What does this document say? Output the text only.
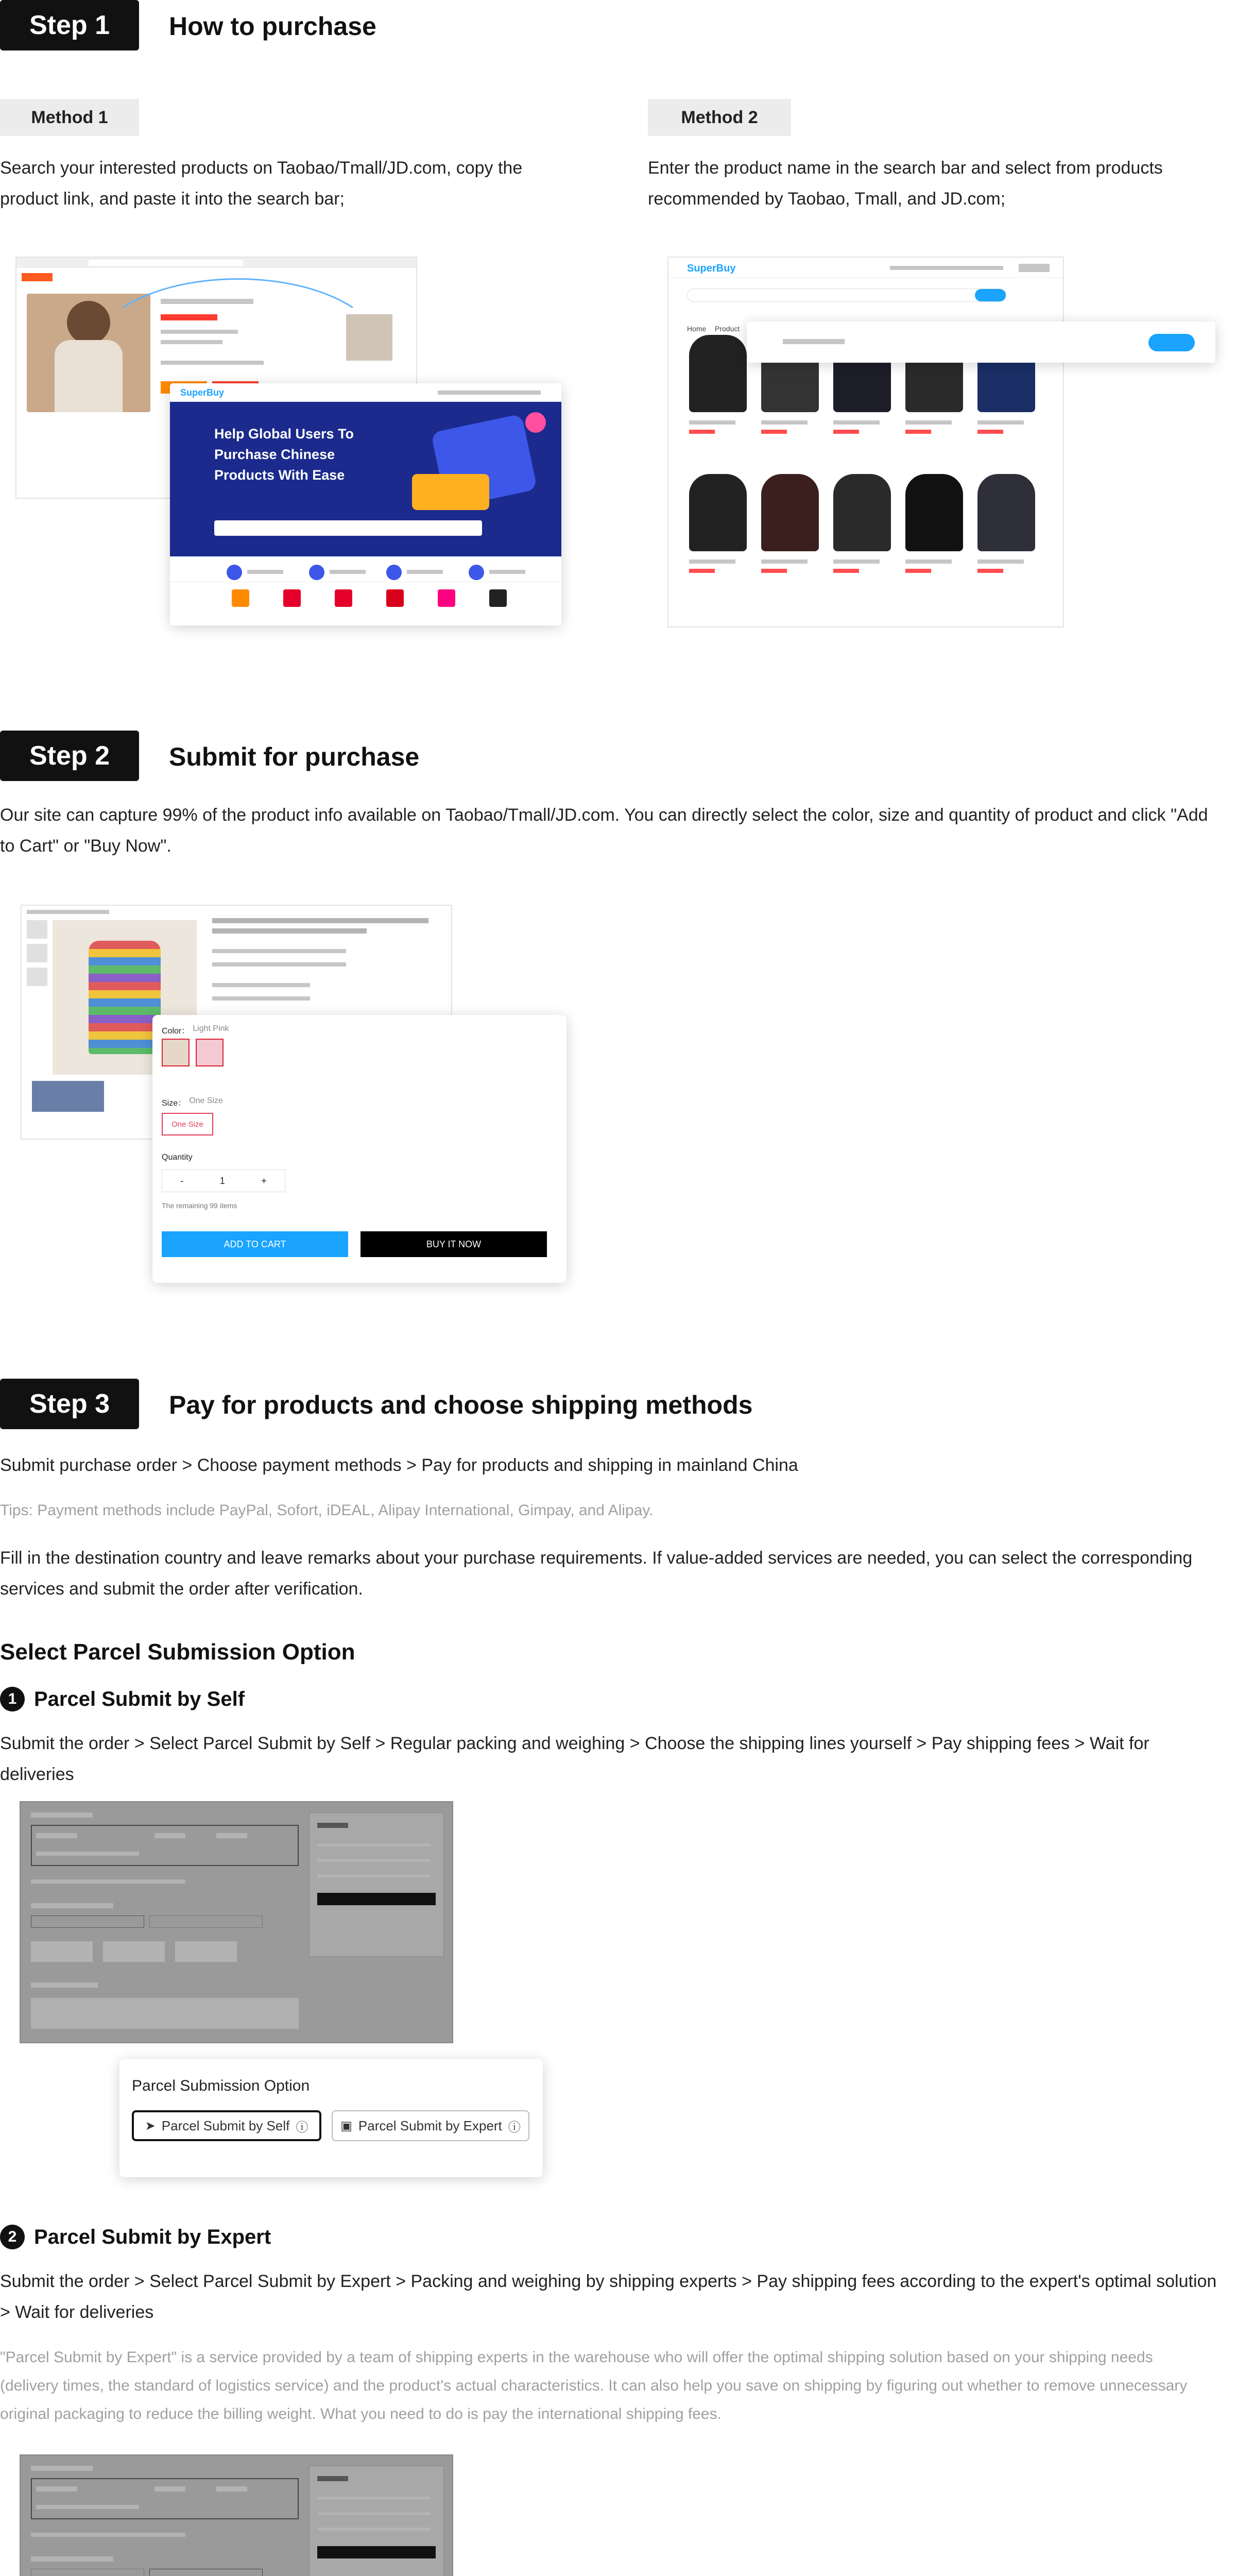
Step 1	How to purchase
Method 1
Search your interested products on Taobao/Tmall/JD.com, copy the product link, and paste it into the search bar;
Method 2
Enter the product name in the search bar and select from products recommended by Taobao, Tmall, and JD.com;
SuperBuy
Help Global Users To Purchase Chinese Products With Ease
SuperBuy
Home Product
Step 2	Submit for purchase
Our site can capture 99% of the product info available on Taobao/Tmall/JD.com. You can directly select the color, size and quantity of product and click "Add to Cart" or "Buy Now".
Color： Light Pink
Size： One Size
One Size
Quantity
-	1	+
The remaining 99 items
ADD TO CART	BUY IT NOW
Step 3	Pay for products and choose shipping methods
Submit purchase order > Choose payment methods > Pay for products and shipping in mainland China
Tips: Payment methods include PayPal, Sofort, iDEAL, Alipay International, Gimpay, and Alipay.
Fill in the destination country and leave remarks about your purchase requirements. If value-added services are needed, you can select the corresponding services and submit the order after verification.
Select Parcel Submission Option
1 Parcel Submit by Self
Submit the order > Select Parcel Submit by Self > Regular packing and weighing > Choose the shipping lines yourself > Pay shipping fees > Wait for deliveries
Parcel Submission Option
➤ Parcel Submit by Self ⓘ	▣ Parcel Submit by Expert ⓘ
2 Parcel Submit by Expert
Submit the order > Select Parcel Submit by Expert > Packing and weighing by shipping experts > Pay shipping fees according to the expert's optimal solution > Wait for deliveries
"Parcel Submit by Expert" is a service provided by a team of shipping experts in the warehouse who will offer the optimal shipping solution based on your shipping needs (delivery times, the standard of logistics service) and the product's actual characteristics. It can also help you save on shipping by figuring out whether to remove unnecessary original packaging to reduce the billing weight. What you need to do is pay the international shipping fees.
